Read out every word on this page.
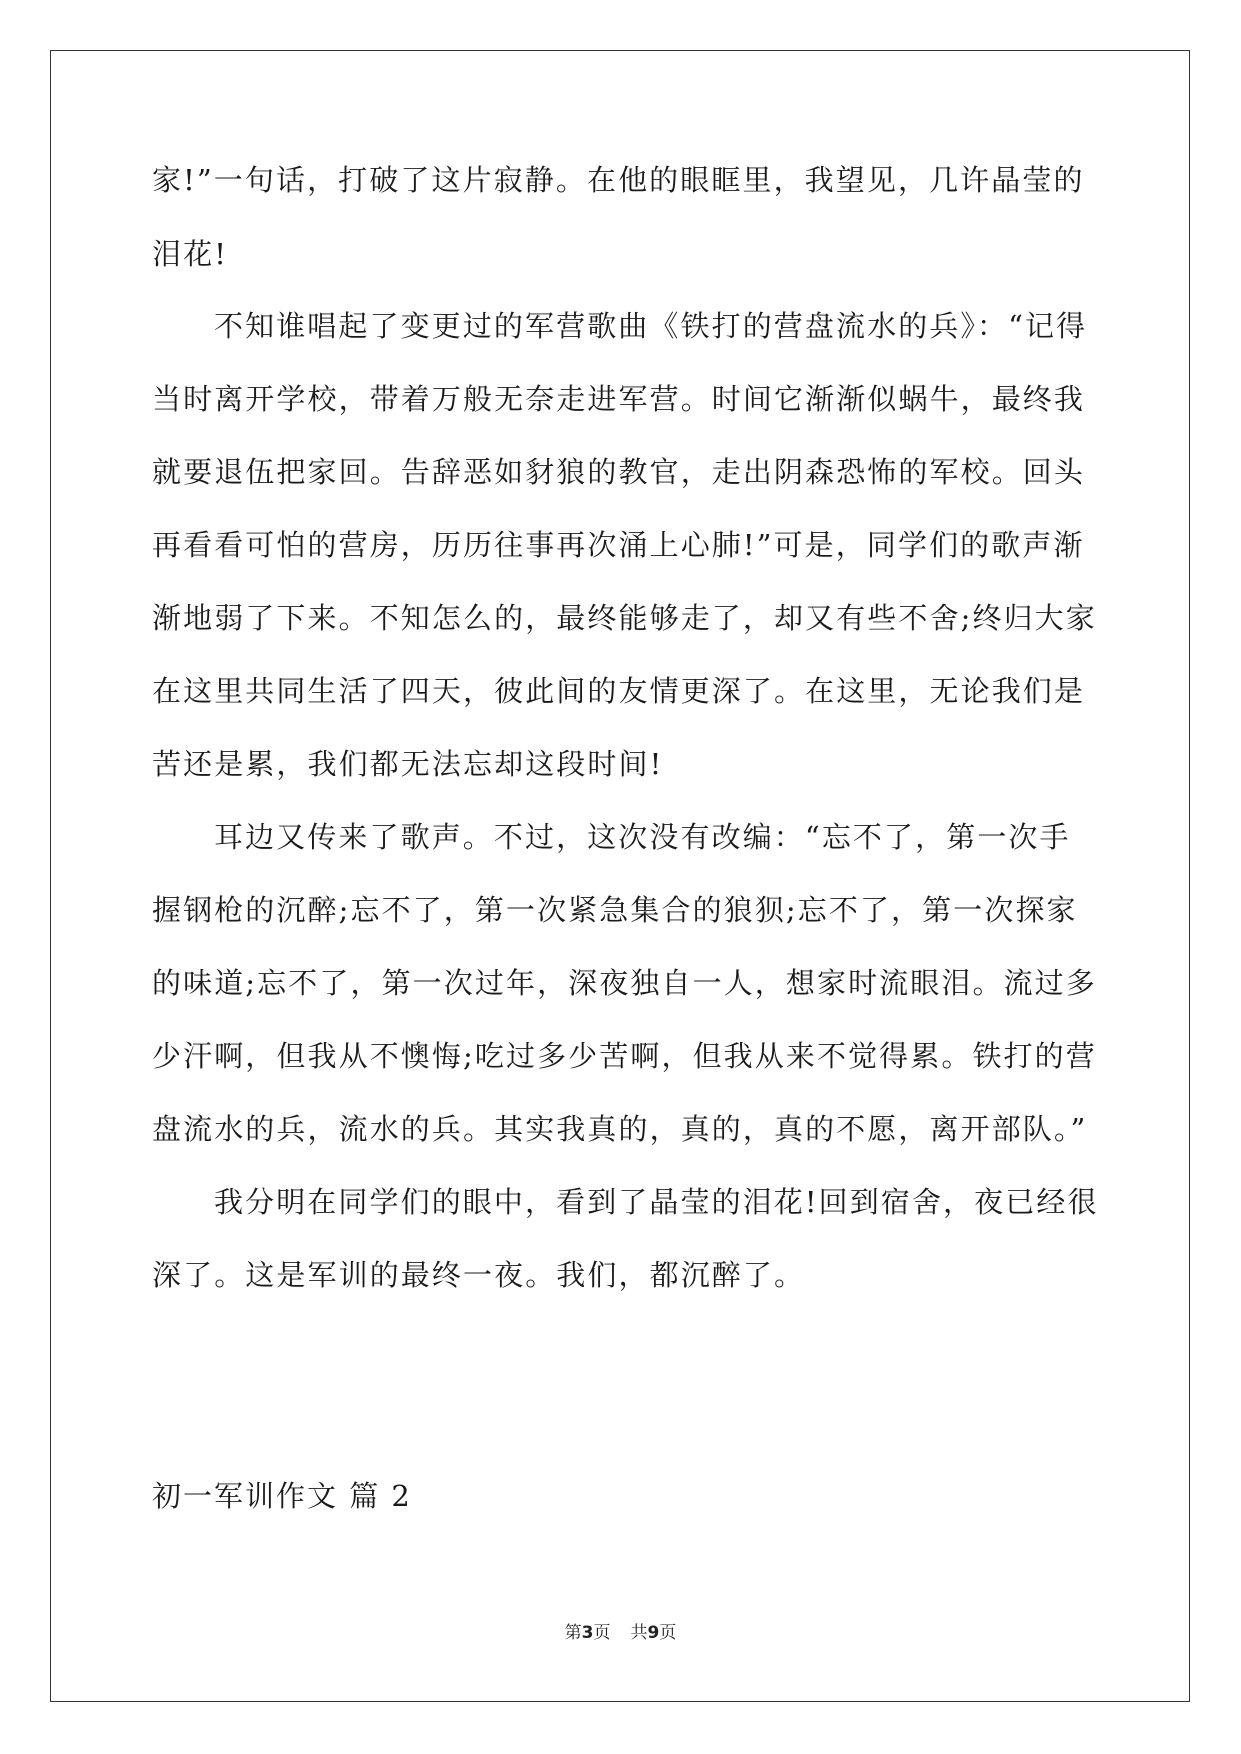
家!”一句话，打破了这片寂静。在他的眼眶里，我望见，几许晶莹的
泪花!
不知谁唱起了变更过的军营歌曲《铁打的营盘流水的兵》：“记得
当时离开学校，带着万般无奈走进军营。时间它渐渐似蜗牛，最终我
就要退伍把家回。告辞恶如豺狼的教官，走出阴森恐怖的军校。回头
再看看可怕的营房，历历往事再次涌上心肺!”可是，同学们的歌声渐
渐地弱了下来。不知怎么的，最终能够走了，却又有些不舍;终归大家
在这里共同生活了四天，彼此间的友情更深了。在这里，无论我们是
苦还是累，我们都无法忘却这段时间!
耳边又传来了歌声。不过，这次没有改编：“忘不了，第一次手
握钢枪的沉醉;忘不了，第一次紧急集合的狼狈;忘不了，第一次探家
的味道;忘不了，第一次过年，深夜独自一人，想家时流眼泪。流过多
少汗啊，但我从不懊悔;吃过多少苦啊，但我从来不觉得累。铁打的营
盘流水的兵，流水的兵。其实我真的，真的，真的不愿，离开部队。”
我分明在同学们的眼中，看到了晶莹的泪花!回到宿舍，夜已经很
深了。这是军训的最终一夜。我们，都沉醉了。
初一军训作文 篇 2
第3页 共9页
